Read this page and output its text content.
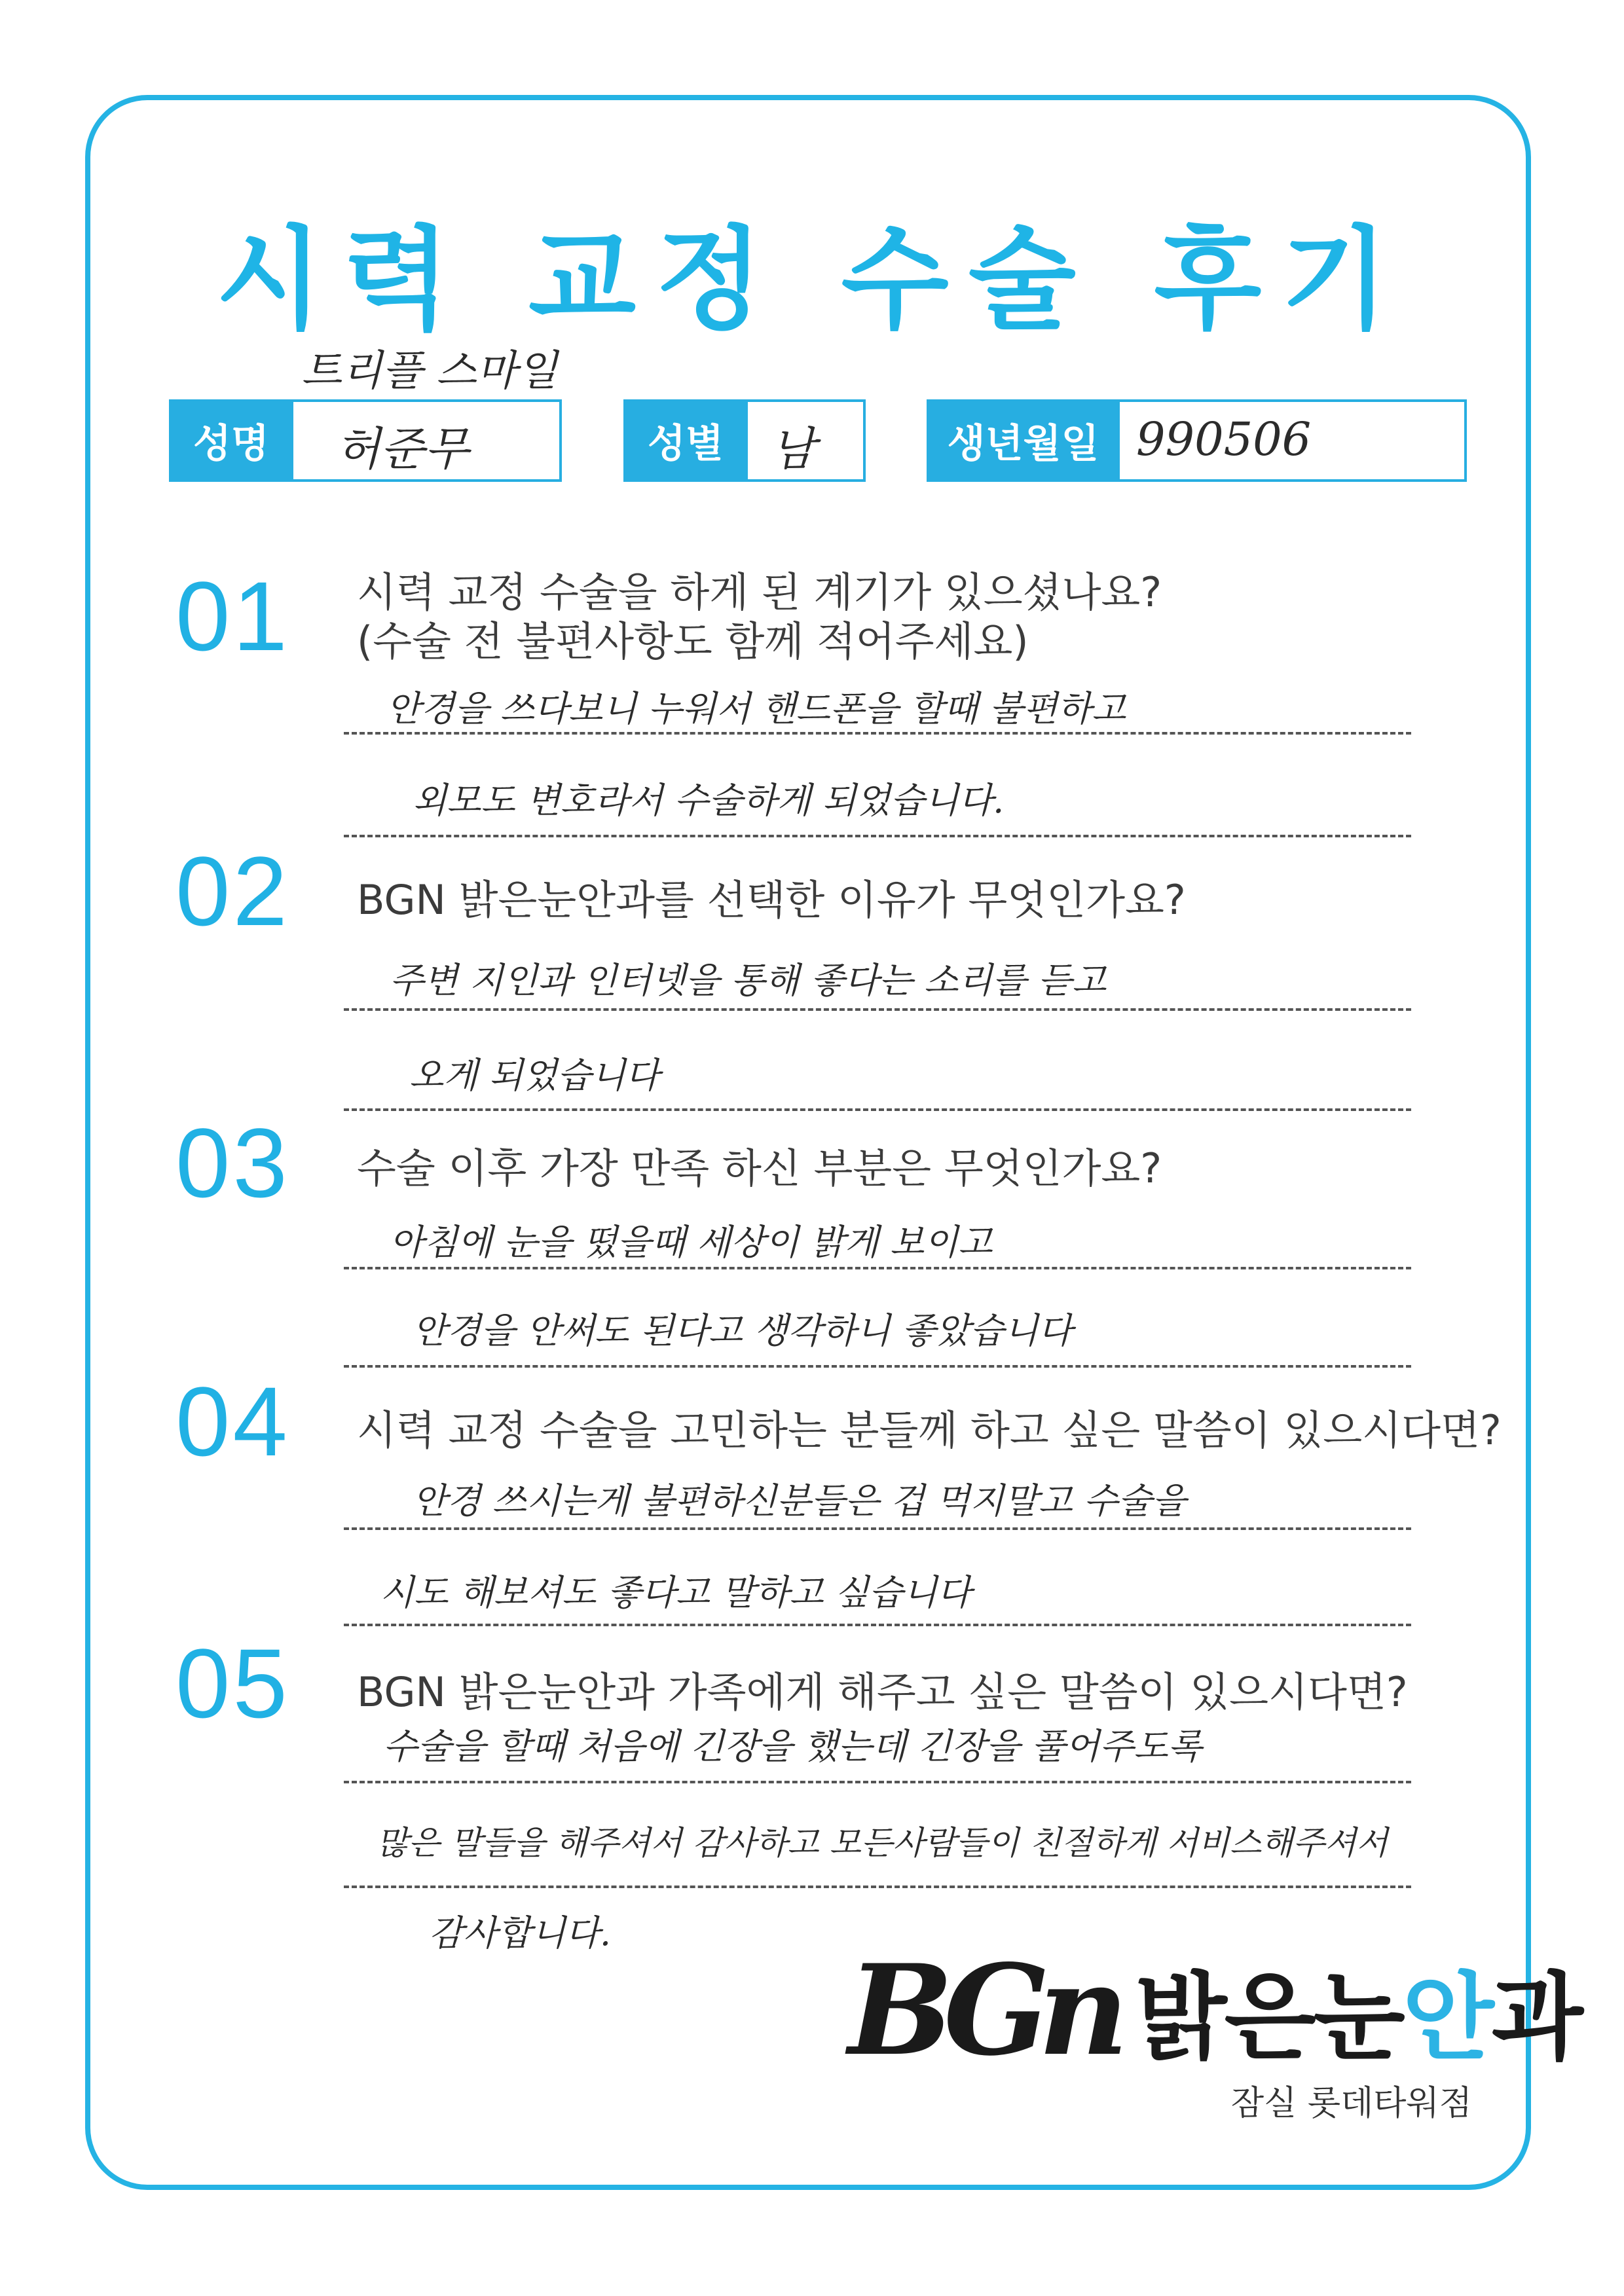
시력 교정 수술 후기
트리플 스마일
성명	허준무	성별	남	생년월일 990506
01 시력 교정 수술을 하게 된 계기가 있으셨나요?
(수술 전 불편사항도 함께 적어주세요)
안경을 쓰다보니 누워서 핸드폰을 할때 불편하고
외모도 변호라서 수술하게 되었습니다.
02 BGN 밝은눈안과를 선택한 이유가 무엇인가요?
주변 지인과 인터넷을 통해 좋다는 소리를 듣고
오게 되었습니다
03 수술 이후 가장 만족 하신 부분은 무엇인가요?
아침에 눈을 떴을때 세상이 밝게 보이고
안경을 안써도 된다고 생각하니 좋았습니다
04 시력 교정 수술을 고민하는 분들께 하고 싶은 말씀이 있으시다면?
안경 쓰시는게 불편하신분들은 겁 먹지말고 수술을
시도 해보셔도 좋다고 말하고 싶습니다
05 BGN 밝은눈안과 가족에게 해주고 싶은 말씀이 있으시다면?
수술을 할때 처음에 긴장을 했는데 긴장을 풀어주도록
많은 말들을 해주셔서 감사하고 모든사람들이 친절하게 서비스해주셔서
감사합니다.
BGn 밝은눈안과
잠실 롯데타워점
